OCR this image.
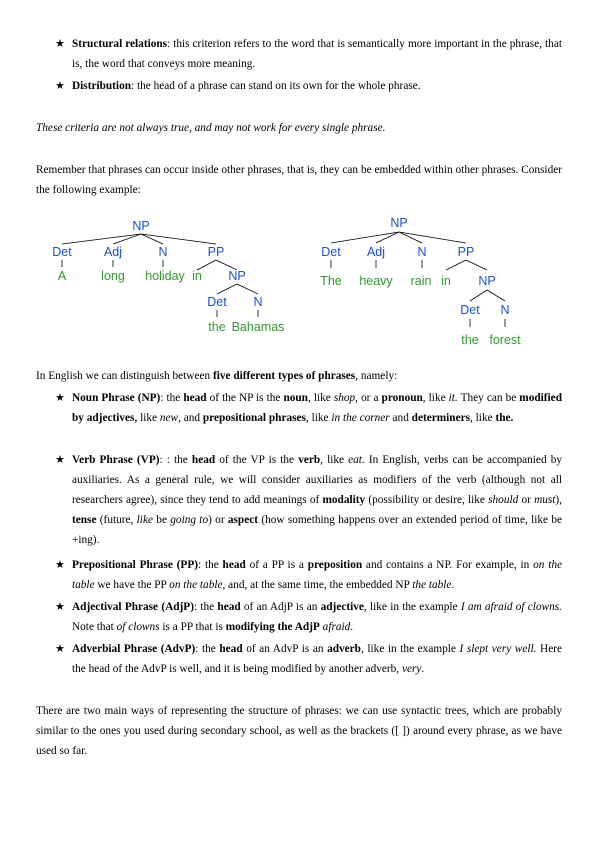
★ Structural relations: this criterion refers to the word that is semantically more important in the phrase, that is, the word that conveys more meaning.

★ Distribution: the head of a phrase can stand on its own for the whole phrase.

These criteria are not always true, and may not work for every single phrase.

Remember that phrases can occur inside other phrases, that is, they can be embedded within other phrases. Consider the following example:

NP
Det	Adj	N	PP
A	long holiday in NP
Det N
the Bahamas
NP
Det Adj	N PP
The heavy rain in NP
Det N
the forest

In English we can distinguish between five different types of phrases, namely:

★ Noun Phrase (NP): the head of the NP is the noun, like shop, or a pronoun, like it. They can be modified by adjectives, like new, and prepositional phrases, like in the corner and determiners, like the.

★ Verb Phrase (VP): : the head of the VP is the verb, like eat. In English, verbs can be accompanied by auxiliaries. As a general rule, we will consider auxiliaries as modifiers of the verb (although not all researchers agree), since they tend to add meanings of modality (possibility or desire, like should or must), tense (future, like be going to) or aspect (how something happens over an extended period of time, like be +ing).

★ Prepositional Phrase (PP): the head of a PP is a preposition and contains a NP. For example, in on the table we have the PP on the table, and, at the same time, the embedded NP the table.

★ Adjectival Phrase (AdjP): the head of an AdjP is an adjective, like in the example I am afraid of clowns. Note that of clowns is a PP that is modifying the AdjP afraid.

★ Adverbial Phrase (AdvP): the head of an AdvP is an adverb, like in the example I slept very well. Here the head of the AdvP is well, and it is being modified by another adverb, very.

There are two main ways of representing the structure of phrases: we can use syntactic trees, which are probably similar to the ones you used during secondary school, as well as the brackets ([ ]) around every phrase, as we have used so far.
